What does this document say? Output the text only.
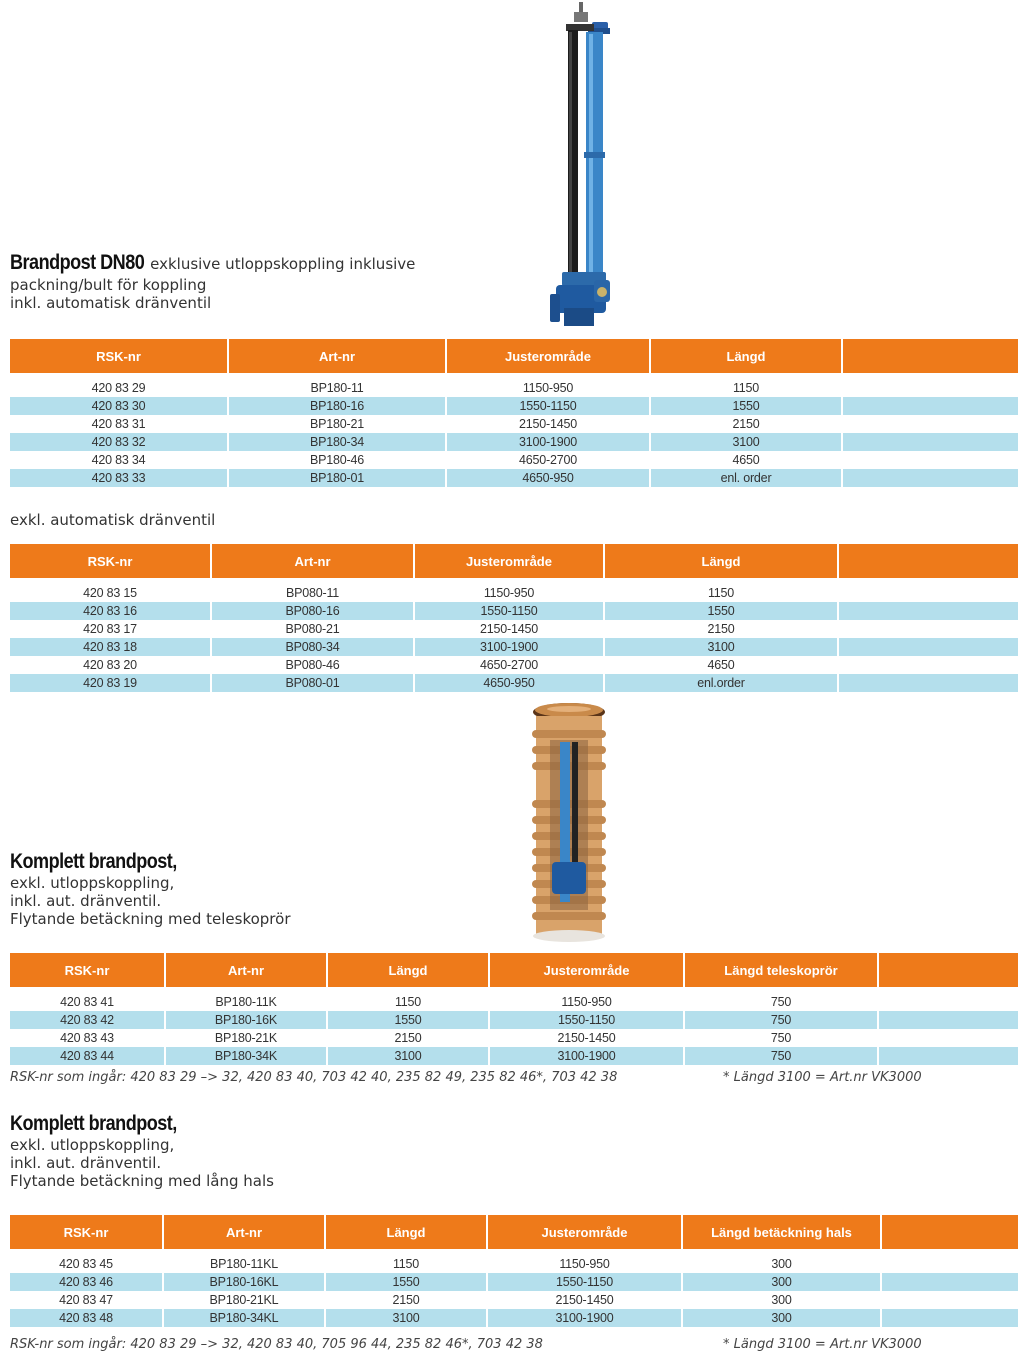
Brandpost DN80 exklusive utloppskoppling inklusive
packning/bult för koppling
inkl. automatisk dränventil
RSK-nr	Art-nr	Justerområde	Längd	

420 83 29	BP180-11	1150-950	1150	
420 83 30	BP180-16	1550-1150	1550	
420 83 31	BP180-21	2150-1450	2150	
420 83 32	BP180-34	3100-1900	3100	
420 83 34	BP180-46	4650-2700	4650	
420 83 33	BP180-01	4650-950	enl. order	
exkl. automatisk dränventil
RSK-nr	Art-nr	Justerområde	Längd	

420 83 15	BP080-11	1150-950	1150	
420 83 16	BP080-16	1550-1150	1550	
420 83 17	BP080-21	2150-1450	2150	
420 83 18	BP080-34	3100-1900	3100	
420 83 20	BP080-46	4650-2700	4650	
420 83 19	BP080-01	4650-950	enl.order	
Komplett brandpost,
exkl. utloppskoppling,
inkl. aut. dränventil.
Flytande betäckning med teleskoprör
RSK-nr	Art-nr	Längd	Justerområde	Längd teleskoprör	

420 83 41	BP180-11K	1150	1150-950	750	
420 83 42	BP180-16K	1550	1550-1150	750	
420 83 43	BP180-21K	2150	2150-1450	750	
420 83 44	BP180-34K	3100	3100-1900	750	
RSK-nr som ingår: 420 83 29 –> 32, 420 83 40, 703 42 40, 235 82 49, 235 82 46*, 703 42 38	* Längd 3100 = Art.nr VK3000
Komplett brandpost,
exkl. utloppskoppling,
inkl. aut. dränventil.
Flytande betäckning med lång hals
RSK-nr	Art-nr	Längd	Justerområde	Längd betäckning hals	

420 83 45	BP180-11KL	1150	1150-950	300	
420 83 46	BP180-16KL	1550	1550-1150	300	
420 83 47	BP180-21KL	2150	2150-1450	300	
420 83 48	BP180-34KL	3100	3100-1900	300	
RSK-nr som ingår: 420 83 29 –> 32, 420 83 40, 705 96 44, 235 82 46*, 703 42 38	* Längd 3100 = Art.nr VK3000
